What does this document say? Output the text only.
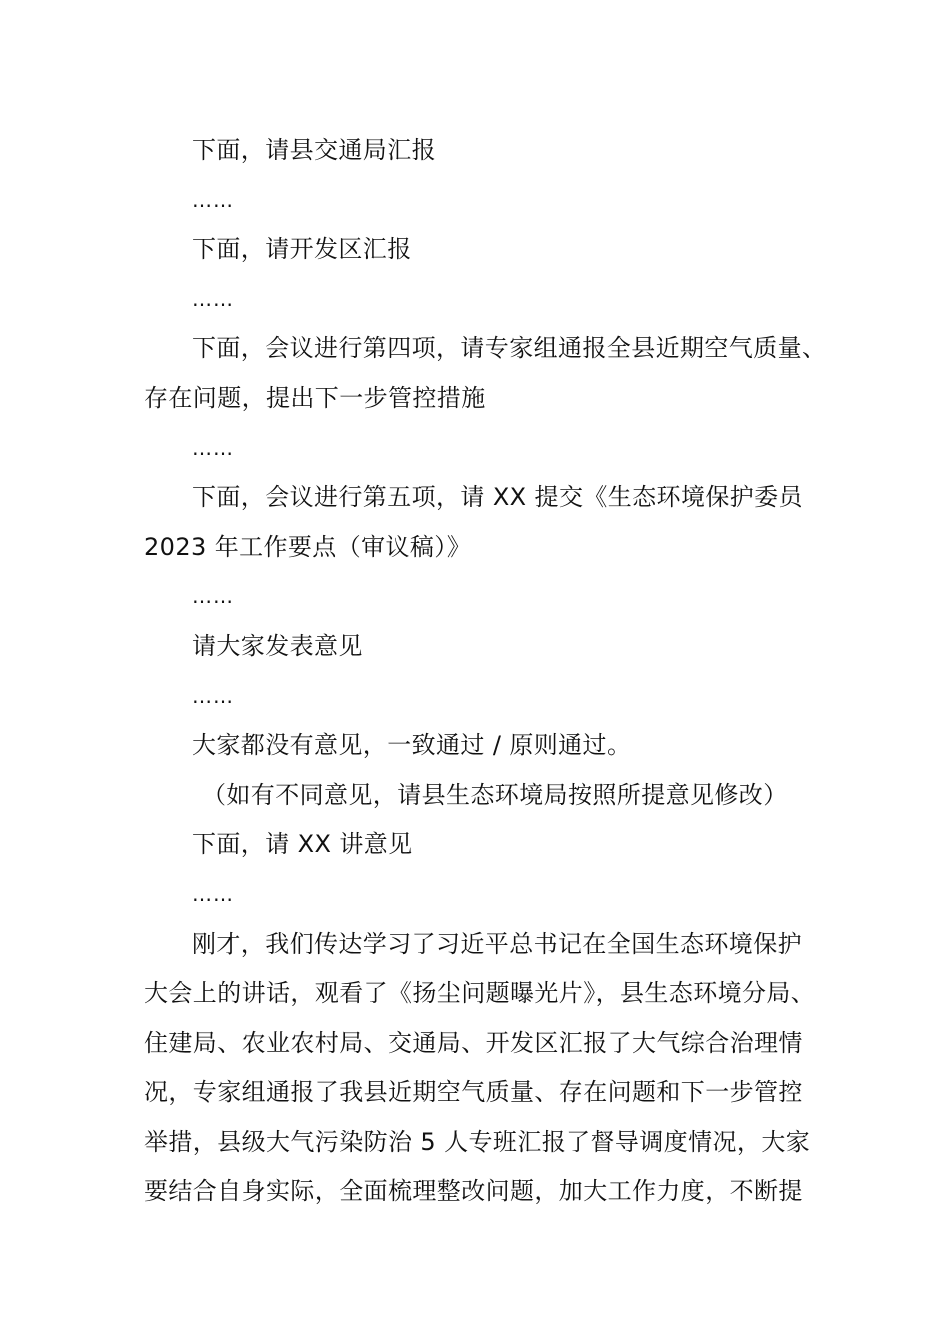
下面，请县交通局汇报
……
下面，请开发区汇报
……
下面，会议进行第四项，请专家组通报全县近期空气质量、
存在问题，提出下一步管控措施
……
下面，会议进行第五项，请 XX 提交《生态环境保护委员
2023 年工作要点（审议稿）》
……
请大家发表意见
……
大家都没有意见，一致通过 / 原则通过。
（如有不同意见，请县生态环境局按照所提意见修改）
下面，请 XX 讲意见
……
刚才，我们传达学习了习近平总书记在全国生态环境保护
大会上的讲话，观看了《扬尘问题曝光片》，县生态环境分局、
住建局、农业农村局、交通局、开发区汇报了大气综合治理情
况，专家组通报了我县近期空气质量、存在问题和下一步管控
举措，县级大气污染防治 5 人专班汇报了督导调度情况，大家
要结合自身实际，全面梳理整改问题，加大工作力度，不断提
